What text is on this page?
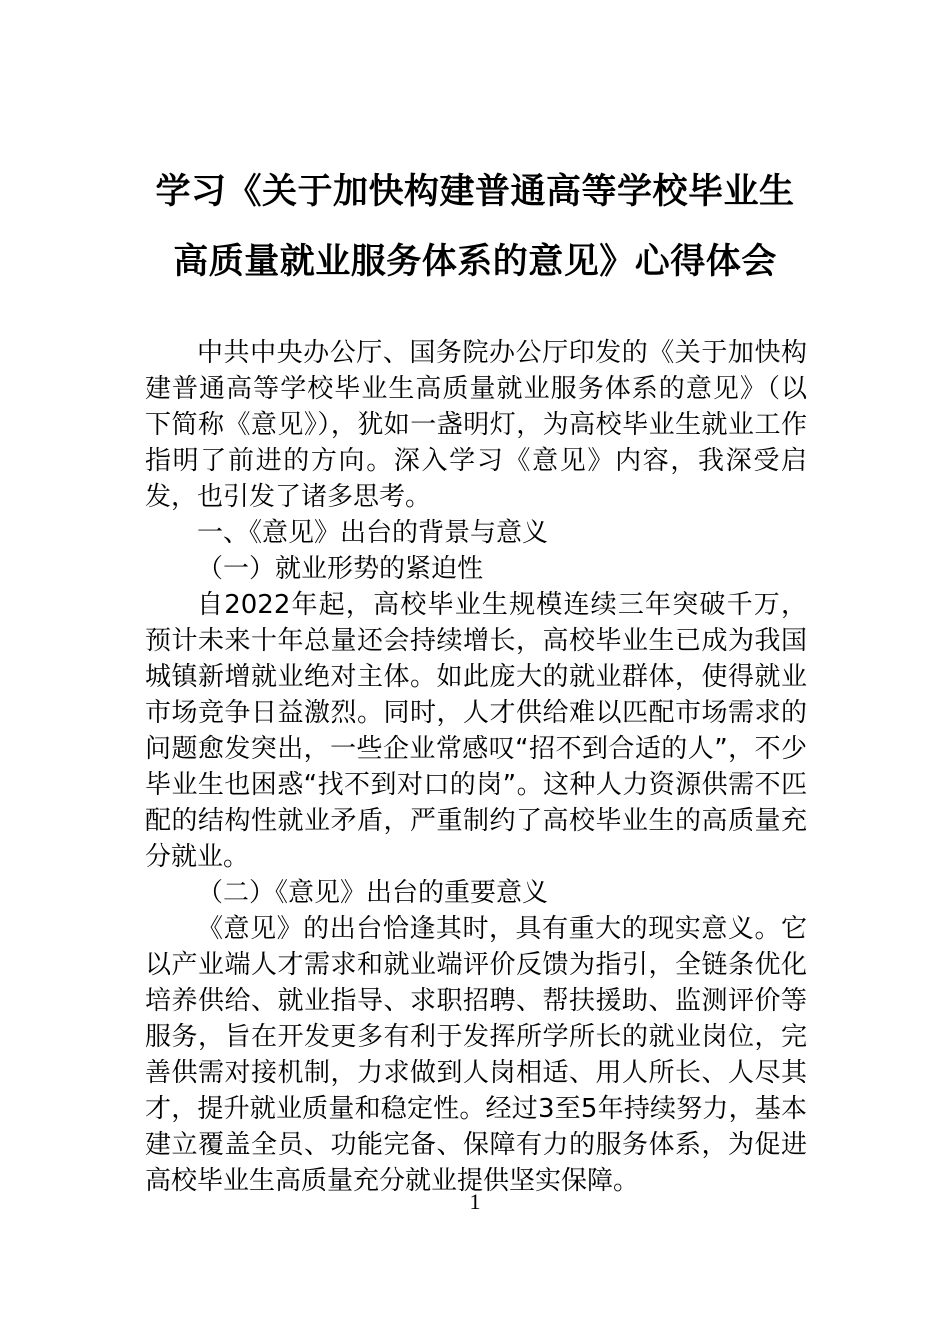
学习《关于加快构建普通高等学校毕业生
高质量就业服务体系的意见》心得体会

中共中央办公厅、国务院办公厅印发的《关于加快构建普通高等学校毕业生高质量就业服务体系的意见》（以下简称《意见》），犹如一盏明灯，为高校毕业生就业工作指明了前进的方向。深入学习《意见》内容，我深受启发，也引发了诸多思考。

一、《意见》出台的背景与意义

（一）就业形势的紧迫性

自2022年起，高校毕业生规模连续三年突破千万，预计未来十年总量还会持续增长，高校毕业生已成为我国城镇新增就业绝对主体。如此庞大的就业群体，使得就业市场竞争日益激烈。同时，人才供给难以匹配市场需求的问题愈发突出，一些企业常感叹“招不到合适的人”，不少毕业生也困惑“找不到对口的岗”。这种人力资源供需不匹配的结构性就业矛盾，严重制约了高校毕业生的高质量充分就业。

（二）《意见》出台的重要意义

《意见》的出台恰逢其时，具有重大的现实意义。它以产业端人才需求和就业端评价反馈为指引，全链条优化培养供给、就业指导、求职招聘、帮扶援助、监测评价等服务，旨在开发更多有利于发挥所学所长的就业岗位，完善供需对接机制，力求做到人岗相适、用人所长、人尽其才，提升就业质量和稳定性。经过3至5年持续努力，基本建立覆盖全员、功能完备、保障有力的服务体系，为促进高校毕业生高质量充分就业提供坚实保障。

1
